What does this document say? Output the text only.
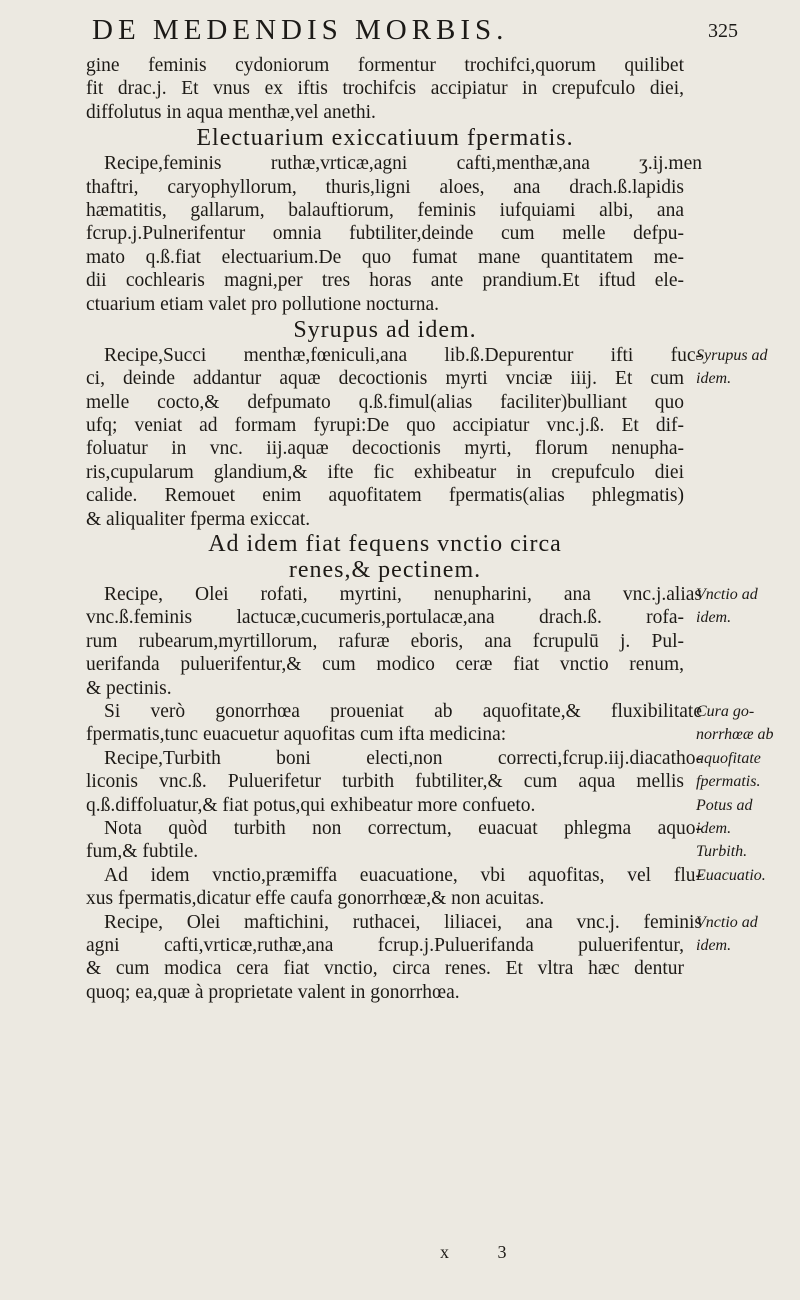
DE MEDENDIS MORBIS.	325
gine feminis cydoniorum formentur trochifci,quorum quilibet
fit drac.j. Et vnus ex iftis trochifcis accipiatur in crepufculo diei,
diffolutus in aqua menthæ,vel anethi.
Electuarium exiccatiuum fpermatis.
Recipe,feminis ruthæ,vrticæ,agni cafti,menthæ,ana ʒ.ij.men
thaftri, caryophyllorum, thuris,ligni aloes, ana drach.ß.lapidis
hæmatitis, gallarum, balauftiorum, feminis iufquiami albi, ana
fcrup.j.Pulnerifentur omnia fubtiliter,deinde cum melle defpu-
mato q.ß.fiat electuarium.De quo fumat mane quantitatem me-
dii cochlearis magni,per tres horas ante prandium.Et iftud ele-
ctuarium etiam valet pro pollutione nocturna.
Syrupus ad idem.
Recipe,Succi menthæ,fœniculi,ana lib.ß.Depurentur ifti fuc-
Syrupus ad
ci, deinde addantur aquæ decoctionis myrti vnciæ iiij. Et cum idem.
melle cocto,& defpumato q.ß.fimul(alias faciliter)bulliant quo
ufq; veniat ad formam fyrupi:De quo accipiatur vnc.j.ß. Et dif-
foluatur in vnc. iij.aquæ decoctionis myrti, florum nenupha-
ris,cupularum glandium,& ifte fic exhibeatur in crepufculo diei
calide. Remouet enim aquofitatem fpermatis(alias phlegmatis)
& aliqualiter fperma exiccat.
Ad idem fiat fequens vnctio circa
renes,& pectinem.
Recipe, Olei rofati, myrtini, nenupharini, ana vnc.j.alias
Vnctio ad
vnc.ß.feminis lactucæ,cucumeris,portulacæ,ana drach.ß. rofa- idem.
rum rubearum,myrtillorum, rafuræ eboris, ana fcrupulū j. Pul-
uerifanda puluerifentur,& cum modico ceræ fiat vnctio renum,
& pectinis.
Si verò gonorrhœa proueniat ab aquofitate,& fluxibilitate
Cura go-
fpermatis,tunc euacuetur aquofitas cum ifta medicina:	norrhœæ ab
Recipe,Turbith boni electi,non correcti,fcrup.iij.diacatho-
aquofitate
liconis vnc.ß. Puluerifetur turbith fubtiliter,& cum aqua mellis fpermatis.
q.ß.diffoluatur,& fiat potus,qui exhibeatur more confueto.	Potus ad
Nota quòd turbith non correctum, euacuat phlegma aquo-
idem.
fum,& fubtile.	Turbith.
Ad idem vnctio,præmiffa euacuatione, vbi aquofitas, vel flu-
Euacuatio.
xus fpermatis,dicatur effe caufa gonorrhœæ,& non acuitas.
Recipe, Olei maftichini, ruthacei, liliacei, ana vnc.j. feminis
Vnctio ad
agni cafti,vrticæ,ruthæ,ana fcrup.j.Puluerifanda puluerifentur, idem.
& cum modica cera fiat vnctio, circa renes. Et vltra hæc dentur
quoq; ea,quæ à proprietate valent in gonorrhœa.
x 3
